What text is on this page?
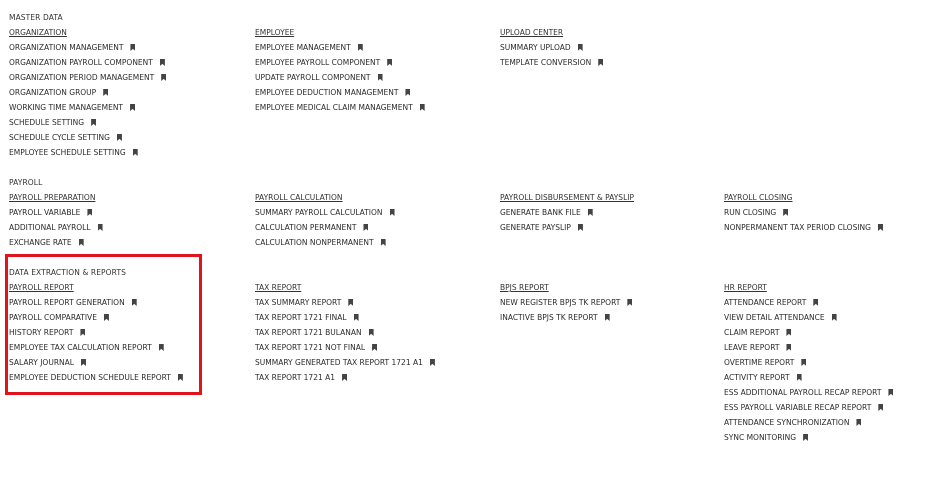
MASTER DATA
PAYROLL
DATA EXTRACTION & REPORTS
ORGANIZATION
ORGANIZATION MANAGEMENT
ORGANIZATION PAYROLL COMPONENT
ORGANIZATION PERIOD MANAGEMENT
ORGANIZATION GROUP
WORKING TIME MANAGEMENT
SCHEDULE SETTING
SCHEDULE CYCLE SETTING
EMPLOYEE SCHEDULE SETTING
EMPLOYEE
EMPLOYEE MANAGEMENT
EMPLOYEE PAYROLL COMPONENT
UPDATE PAYROLL COMPONENT
EMPLOYEE DEDUCTION MANAGEMENT
EMPLOYEE MEDICAL CLAIM MANAGEMENT
UPLOAD CENTER
SUMMARY UPLOAD
TEMPLATE CONVERSION
PAYROLL PREPARATION
PAYROLL VARIABLE
ADDITIONAL PAYROLL
EXCHANGE RATE
PAYROLL CALCULATION
SUMMARY PAYROLL CALCULATION
CALCULATION PERMANENT
CALCULATION NONPERMANENT
PAYROLL DISBURSEMENT & PAYSLIP
GENERATE BANK FILE
GENERATE PAYSLIP
PAYROLL CLOSING
RUN CLOSING
NONPERMANENT TAX PERIOD CLOSING
PAYROLL REPORT
PAYROLL REPORT GENERATION
PAYROLL COMPARATIVE
HISTORY REPORT
EMPLOYEE TAX CALCULATION REPORT
SALARY JOURNAL
EMPLOYEE DEDUCTION SCHEDULE REPORT
TAX REPORT
TAX SUMMARY REPORT
TAX REPORT 1721 FINAL
TAX REPORT 1721 BULANAN
TAX REPORT 1721 NOT FINAL
SUMMARY GENERATED TAX REPORT 1721 A1
TAX REPORT 1721 A1
BPJS REPORT
NEW REGISTER BPJS TK REPORT
INACTIVE BPJS TK REPORT
HR REPORT
ATTENDANCE REPORT
VIEW DETAIL ATTENDANCE
CLAIM REPORT
LEAVE REPORT
OVERTIME REPORT
ACTIVITY REPORT
ESS ADDITIONAL PAYROLL RECAP REPORT
ESS PAYROLL VARIABLE RECAP REPORT
ATTENDANCE SYNCHRONIZATION
SYNC MONITORING
